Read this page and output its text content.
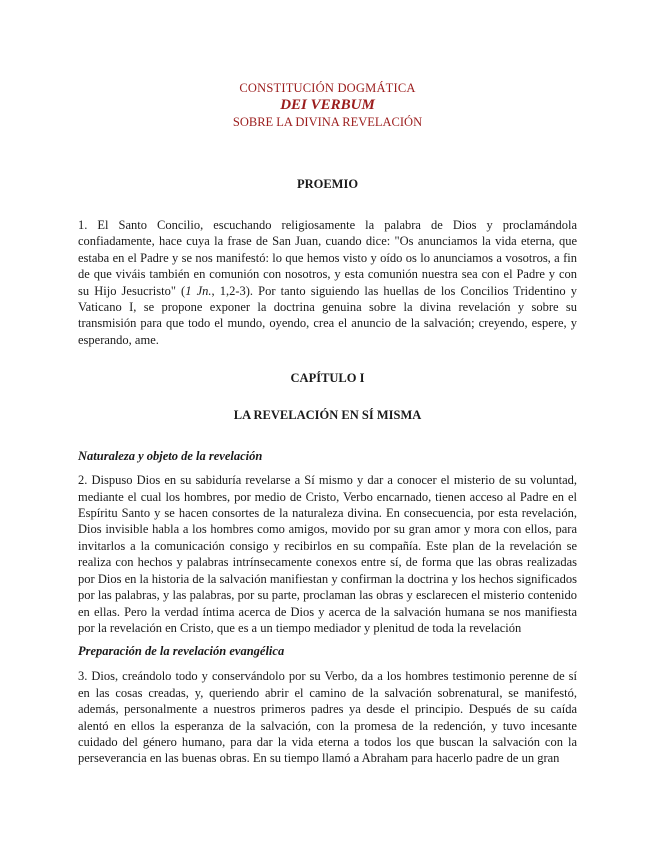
CONSTITUCIÓN DOGMÁTICA
DEI VERBUM
SOBRE LA DIVINA REVELACIÓN
PROEMIO

1. El Santo Concilio, escuchando religiosamente la palabra de Dios y proclamándola confiadamente, hace cuya la frase de San Juan, cuando dice: "Os anunciamos la vida eterna, que estaba en el Padre y se nos manifestó: lo que hemos visto y oído os lo anunciamos a vosotros, a fin de que viváis también en comunión con nosotros, y esta comunión nuestra sea con el Padre y con su Hijo Jesucristo" (1 Jn., 1,2-3). Por tanto siguiendo las huellas de los Concilios Tridentino y Vaticano I, se propone exponer la doctrina genuina sobre la divina revelación y sobre su transmisión para que todo el mundo, oyendo, crea el anuncio de la salvación; creyendo, espere, y esperando, ame.

CAPÍTULO I
LA REVELACIÓN EN SÍ MISMA
Naturaleza y objeto de la revelación

2. Dispuso Dios en su sabiduría revelarse a Sí mismo y dar a conocer el misterio de su voluntad, mediante el cual los hombres, por medio de Cristo, Verbo encarnado, tienen acceso al Padre en el Espíritu Santo y se hacen consortes de la naturaleza divina. En consecuencia, por esta revelación, Dios invisible habla a los hombres como amigos, movido por su gran amor y mora con ellos, para invitarlos a la comunicación consigo y recibirlos en su compañía. Este plan de la revelación se realiza con hechos y palabras intrínsecamente conexos entre sí, de forma que las obras realizadas por Dios en la historia de la salvación manifiestan y confirman la doctrina y los hechos significados por las palabras, y las palabras, por su parte, proclaman las obras y esclarecen el misterio contenido en ellas. Pero la verdad íntima acerca de Dios y acerca de la salvación humana se nos manifiesta por la revelación en Cristo, que es a un tiempo mediador y plenitud de toda la revelación

Preparación de la revelación evangélica

3. Dios, creándolo todo y conservándolo por su Verbo, da a los hombres testimonio perenne de sí en las cosas creadas, y, queriendo abrir el camino de la salvación sobrenatural, se manifestó, además, personalmente a nuestros primeros padres ya desde el principio. Después de su caída alentó en ellos la esperanza de la salvación, con la promesa de la redención, y tuvo incesante cuidado del género humano, para dar la vida eterna a todos los que buscan la salvación con la perseverancia en las buenas obras. En su tiempo llamó a Abraham para hacerlo padre de un gran
